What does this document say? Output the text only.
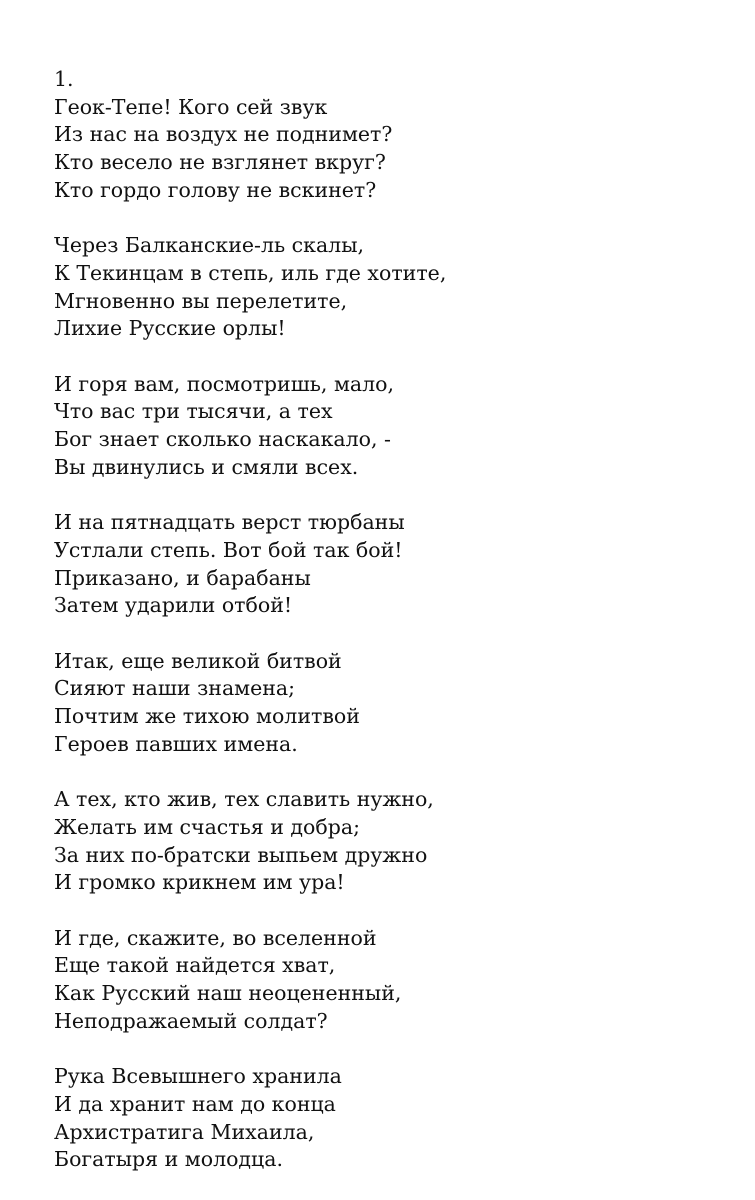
1.
Геок-Тепе! Кого сей звук
Из нас на воздух не поднимет?
Кто весело не взглянет вкруг?
Кто гордо голову не вскинет?
Через Балканские-ль скалы,
К Текинцам в степь, иль где хотите,
Мгновенно вы перелетите,
Лихие Русские орлы!
И горя вам, посмотришь, мало,
Что вас три тысячи, а тех
Бог знает сколько наскакало, -
Вы двинулись и смяли всех.
И на пятнадцать верст тюрбаны
Устлали степь. Вот бой так бой!
Приказано, и барабаны
Затем ударили отбой!
Итак, еще великой битвой
Сияют наши знамена;
Почтим же тихою молитвой
Героев павших имена.
А тех, кто жив, тех славить нужно,
Желать им счастья и добра;
За них по-братски выпьем дружно
И громко крикнем им ура!
И где, скажите, во вселенной
Еще такой найдется хват,
Как Русский наш неоцененный,
Неподражаемый солдат?
Рука Всевышнего хранила
И да хранит нам до конца
Архистратига Михаила,
Богатыря и молодца.
